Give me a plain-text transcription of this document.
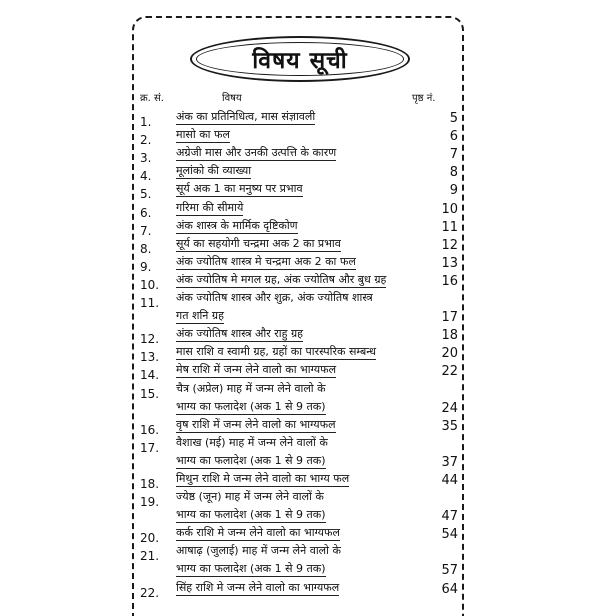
विषय सूची
क्र. सं.	विषय	पृष्ठ नं.
1. अंक का प्रतिनिधित्व, मास संज्ञावली	5
2. मासो का फल	6
3. अग्रेजी मास और उनकी उत्पत्ति के कारण	7
4. मूलांको की व्याख्या	8
5. सूर्य अक 1 का मनुष्य पर प्रभाव	9
6. गरिमा की सीमाये	10
7. अंक शास्त्र के मार्मिक दृष्टिकोण	11
8. सूर्य का सहयोगी चन्द्रमा अक 2 का प्रभाव	12
9. अंक ज्योतिष शास्त्र मे चन्द्रमा अक 2 का फल	13
10. अंक ज्योतिष मे मगल ग्रह, अंक ज्योतिष और बुध ग्रह	16
11. अंक ज्योतिष शास्त्र और शुक्र, अंक ज्योतिष शास्त्र
गत शनि ग्रह	17
12. अंक ज्योतिष शास्त्र और राहु ग्रह	18
13. मास राशि व स्वामी ग्रह, ग्रहों का पारस्परिक सम्बन्ध	20
14. मेष राशि में जन्म लेने वालो का भाग्यफल	22
15. चैत्र (अप्रेल) माह में जन्म लेने वालो के
भाग्य का फलादेश (अक 1 से 9 तक)	24
16. वृष राशि में जन्म लेने वालो का भाग्यफल	35
17. वैशाख (मई) माह में जन्म लेने वालों के
भाग्य का फलादेश (अक 1 से 9 तक)	37
18. मिथुन राशि मे जन्म लेने वालो का भाग्य फल	44
19. ज्येष्ठ (जून) माह में जन्म लेने वालों के
भाग्य का फलादेश (अक 1 से 9 तक)	47
20. कर्क राशि मे जन्म लेने वालो का भाग्यफल	54
21. आषाढ़ (जुलाई) माह में जन्म लेने वालो के
भाग्य का फलादेश (अक 1 से 9 तक)	57
22. सिंह राशि मे जन्म लेने वालो का भाग्यफल	64
